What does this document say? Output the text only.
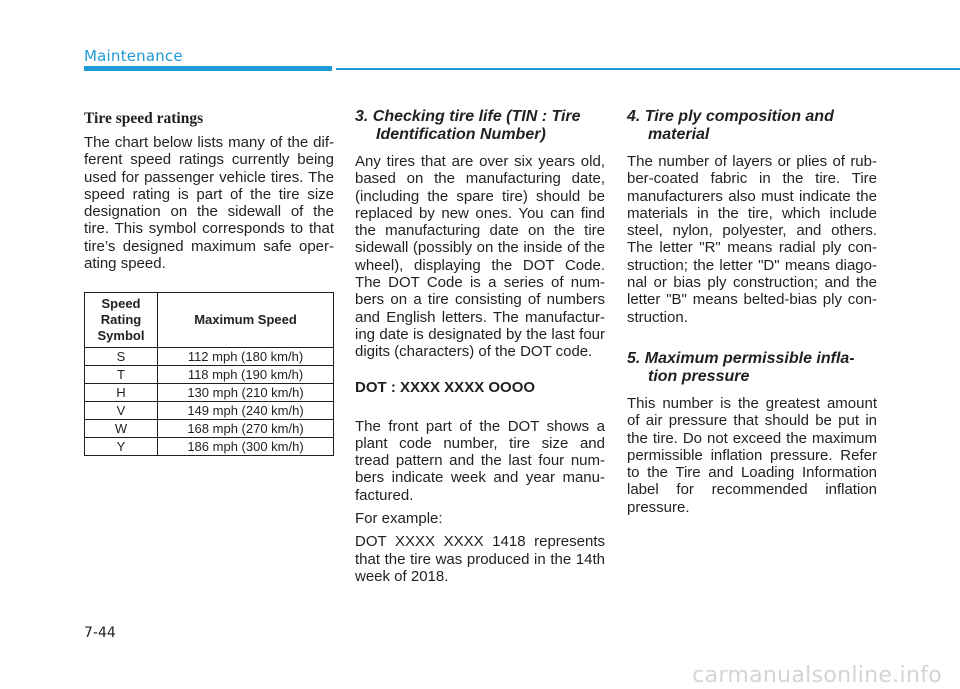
Maintenance
Tire speed ratings

The chart below lists many of the dif-ferent speed ratings currently being used for passenger vehicle tires. The speed rating is part of the tire size designation on the sidewall of the tire. This symbol corresponds to that tire’s designed maximum safe oper-ating speed.

Speed Rating Symbol	Maximum Speed
S	112 mph (180 km/h)
T	118 mph (190 km/h)
H	130 mph (210 km/h)
V	149 mph (240 km/h)
W	168 mph (270 km/h)
Y	186 mph (300 km/h)
3. Checking tire life (TIN : Tire Identification Number)

Any tires that are over six years old, based on the manufacturing date, (including the spare tire) should be replaced by new ones. You can find the manufacturing date on the tire sidewall (possibly on the inside of the wheel), displaying the DOT Code. The DOT Code is a series of num-bers on a tire consisting of numbers and English letters. The manufactur-ing date is designated by the last four digits (characters) of the DOT code.

DOT : XXXX XXXX OOOO

The front part of the DOT shows a plant code number, tire size and tread pattern and the last four num-bers indicate week and year manu-factured.

For example:

DOT XXXX XXXX 1418 represents that the tire was produced in the 14th week of 2018.

4. Tire ply composition and material

The number of layers or plies of rub-ber-coated fabric in the tire. Tire manufacturers also must indicate the materials in the tire, which include steel, nylon, polyester, and others. The letter "R" means radial ply con-struction; the letter "D" means diago-nal or bias ply construction; and the letter "B" means belted-bias ply con-struction.

5. Maximum permissible infla-tion pressure

This number is the greatest amount of air pressure that should be put in the tire. Do not exceed the maximum permissible inflation pressure. Refer to the Tire and Loading Information label for recommended inflation pressure.

7-44
carmanualsonline.info
